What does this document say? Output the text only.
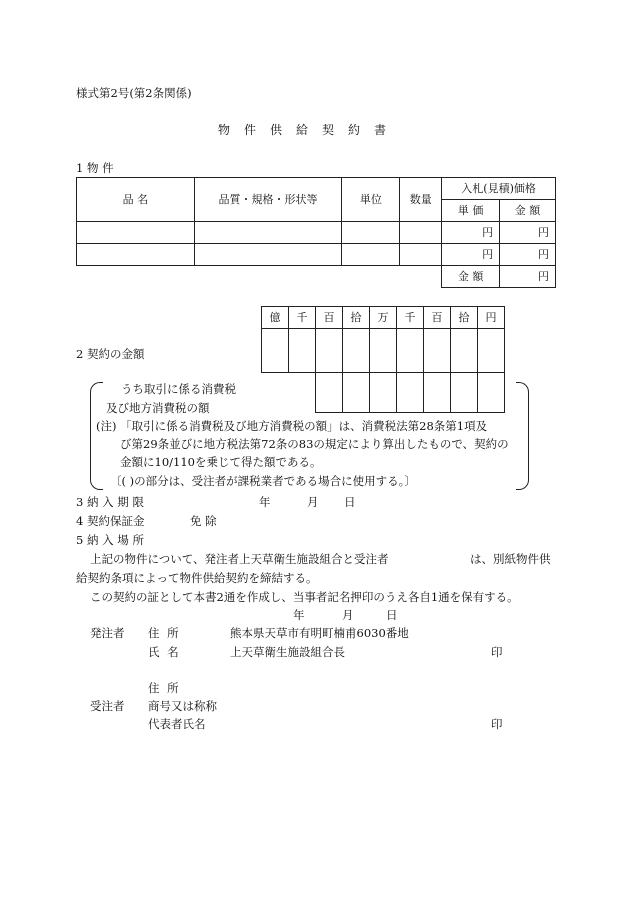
様式第2号(第2条関係)
物件供給契約書
1 物 件
品 名	品質・規格・形状等	単位	数量	入札(見積)価格	
				単 価	金 額
				円	円
				円	円
				金 額	円
億	千	百	拾	万	千	百	拾	円

2 契約の金額
うち取引に係る消費税
及び地方消費税の額
(注) 「取引に係る消費税及び地方消費税の額」は、消費税法第28条第1項及
び第29条並びに地方税法第72条の83の規定により算出したもので、契約の
金額に10/110を乗じて得た額である。
〔( )の部分は、受注者が課税業者である場合に使用する。〕
3 納 入 期 限	年	月 日
4 契約保証金	免 除
5 納 入 場 所
上記の物件について、発注者上天草衛生施設組合と受注者	は、別紙物件供
給契約条項によって物件供給契約を締結する。
この契約の証として本書2通を作成し、当事者記名押印のうえ各自1通を保有する。
年	月	日
発注者 住 所	熊本県天草市有明町楠甫6030番地
氏 名	上天草衛生施設組合長	印
住 所
受注者 商号又は称称
代表者氏名	印
